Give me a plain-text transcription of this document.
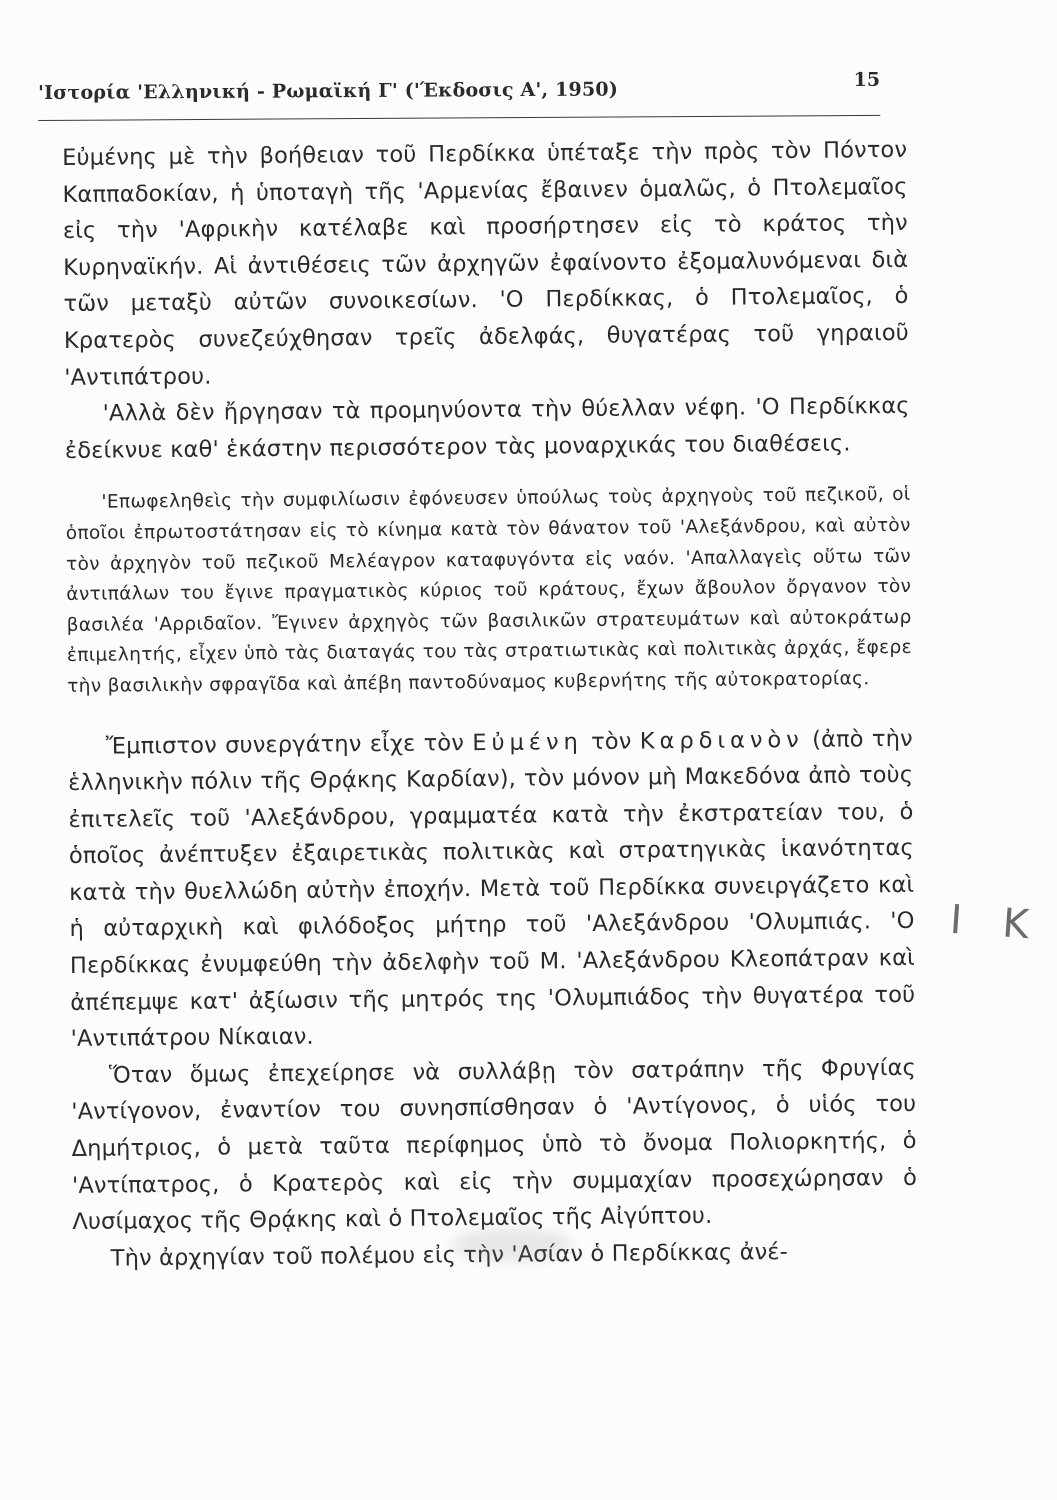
'Ιστορία 'Ελληνική - Ρωμαϊκή Γ' ('Έκδοσις Α', 1950)	15

Εὐμένης μὲ τὴν βοήθειαν τοῦ Περδίκκα ὑπέταξε τὴν πρὸς τὸν Πόντον Καππαδοκίαν, ἡ ὑποταγὴ τῆς 'Αρμενίας ἔβαινεν ὁμαλῶς, ὁ Πτολεμαῖος εἰς τὴν 'Αφρικὴν κατέλαβε καὶ προσήρτησεν εἰς τὸ κράτος τὴν Κυρηναϊκήν. Αἱ ἀντιθέσεις τῶν ἀρχηγῶν ἐφαίνοντο ἐξομαλυνόμεναι διὰ τῶν μεταξὺ αὐτῶν συνοικεσίων. 'Ο Περδίκκας, ὁ Πτολεμαῖος, ὁ Κρατερὸς συνεζεύχθησαν τρεῖς ἀδελφάς, θυγατέρας τοῦ γηραιοῦ 'Αντιπάτρου.

'Αλλὰ δὲν ἤργησαν τὰ προμηνύοντα τὴν θύελλαν νέφη. 'Ο Περδίκκας ἐδείκνυε καθ' ἑκάστην περισσότερον τὰς μοναρχικάς του διαθέσεις.

'Επωφεληθεὶς τὴν συμφιλίωσιν ἐφόνευσεν ὑπούλως τοὺς ἀρχηγοὺς τοῦ πεζικοῦ, οἱ ὁποῖοι ἐπρωτοστάτησαν εἰς τὸ κίνημα κατὰ τὸν θάνατον τοῦ 'Αλεξάνδρου, καὶ αὐτὸν τὸν ἀρχηγὸν τοῦ πεζικοῦ Μελέαγρον καταφυγόντα εἰς ναόν. 'Απαλλαγεὶς οὕτω τῶν ἀντιπάλων του ἔγινε πραγματικὸς κύριος τοῦ κράτους, ἔχων ἄβουλον ὄργανον τὸν βασιλέα 'Αρριδαῖον. Ἔγινεν ἀρχηγὸς τῶν βασιλικῶν στρατευμάτων καὶ αὐτοκράτωρ ἐπιμελητής, εἶχεν ὑπὸ τὰς διαταγάς του τὰς στρατιωτικὰς καὶ πολιτικὰς ἀρχάς, ἔφερε τὴν βασιλικὴν σφραγῖδα καὶ ἀπέβη παντοδύναμος κυβερνήτης τῆς αὐτοκρατορίας.

Ἔμπιστον συνεργάτην εἶχε τὸν Εὐμένη τὸν Καρδιανὸν (ἀπὸ τὴν ἑλληνικὴν πόλιν τῆς Θρᾴκης Καρδίαν), τὸν μόνον μὴ Μακεδόνα ἀπὸ τοὺς ἐπιτελεῖς τοῦ 'Αλεξάνδρου, γραμματέα κατὰ τὴν ἐκστρατείαν του, ὁ ὁποῖος ἀνέπτυξεν ἐξαιρετικὰς πολιτικὰς καὶ στρατηγικὰς ἱκανότητας κατὰ τὴν θυελλώδη αὐτὴν ἐποχήν. Μετὰ τοῦ Περδίκκα συνειργάζετο καὶ ἡ αὐταρχικὴ καὶ φιλόδοξος μήτηρ τοῦ 'Αλεξάνδρου 'Ολυμπιάς. 'Ο Περδίκκας ἐνυμφεύθη τὴν ἀδελφὴν τοῦ Μ. 'Αλεξάνδρου Κλεοπάτραν καὶ ἀπέπεμψε κατ' ἀξίωσιν τῆς μητρός της 'Ολυμπιάδος τὴν θυγατέρα τοῦ 'Αντιπάτρου Νίκαιαν.

Ὅταν ὅμως ἐπεχείρησε νὰ συλλάβῃ τὸν σατράπην τῆς Φρυγίας 'Αντίγονον, ἐναντίον του συνησπίσθησαν ὁ 'Αντίγονος, ὁ υἱός του Δημήτριος, ὁ μετὰ ταῦτα περίφημος ὑπὸ τὸ ὄνομα Πολιορκητής, ὁ 'Αντίπατρος, ὁ Κρατερὸς καὶ εἰς τὴν συμμαχίαν προσεχώρησαν ὁ Λυσίμαχος τῆς Θρᾴκης καὶ ὁ Πτολεμαῖος τῆς Αἰγύπτου.

Τὴν ἀρχηγίαν τοῦ πολέμου εἰς τὴν 'Ασίαν ὁ Περδίκκας ἀνέ-

I K
